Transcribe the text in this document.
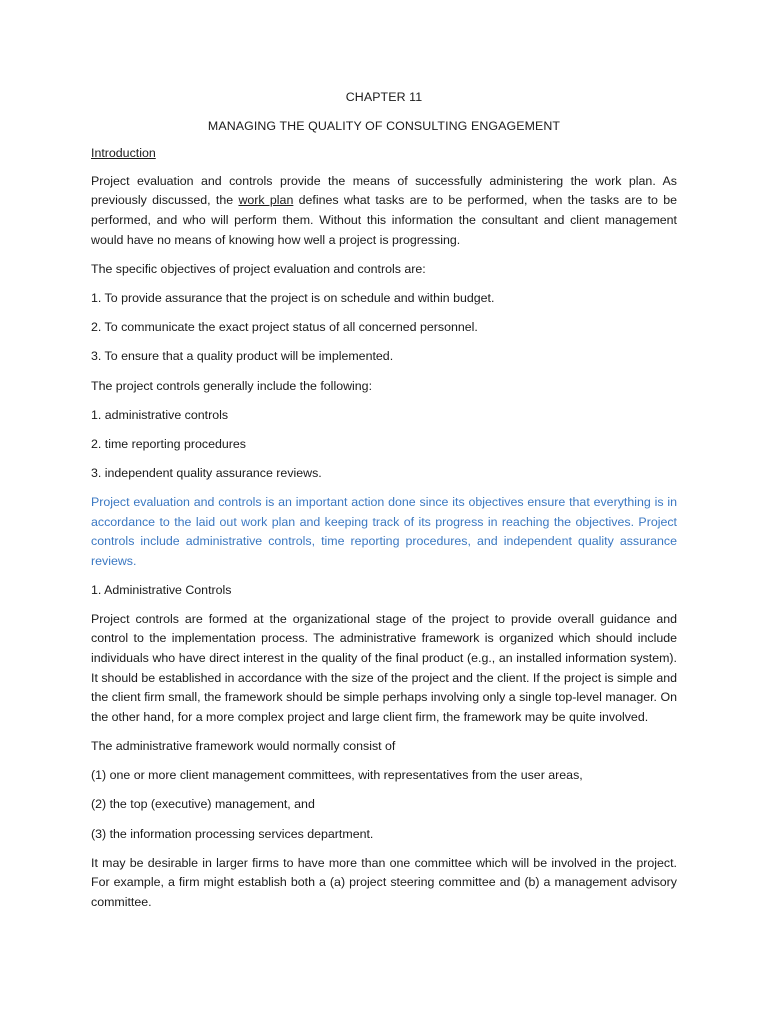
CHAPTER 11
MANAGING THE QUALITY OF CONSULTING ENGAGEMENT
Introduction

Project evaluation and controls provide the means of successfully administering the work plan. As previously discussed, the work plan defines what tasks are to be performed, when the tasks are to be performed, and who will perform them. Without this information the consultant and client management would have no means of knowing how well a project is progressing.

The specific objectives of project evaluation and controls are:
1. To provide assurance that the project is on schedule and within budget.
2. To communicate the exact project status of all concerned personnel.
3. To ensure that a quality product will be implemented.
The project controls generally include the following:
1. administrative controls
2. time reporting procedures
3. independent quality assurance reviews.

Project evaluation and controls is an important action done since its objectives ensure that everything is in accordance to the laid out work plan and keeping track of its progress in reaching the objectives. Project controls include administrative controls, time reporting procedures, and independent quality assurance reviews.

1. Administrative Controls

Project controls are formed at the organizational stage of the project to provide overall guidance and control to the implementation process. The administrative framework is organized which should include individuals who have direct interest in the quality of the final product (e.g., an installed information system). It should be established in accordance with the size of the project and the client. If the project is simple and the client firm small, the framework should be simple perhaps involving only a single top-level manager. On the other hand, for a more complex project and large client firm, the framework may be quite involved.

The administrative framework would normally consist of
(1) one or more client management committees, with representatives from the user areas,
(2) the top (executive) management, and
(3) the information processing services department.

It may be desirable in larger firms to have more than one committee which will be involved in the project. For example, a firm might establish both a (a) project steering committee and (b) a management advisory committee.
